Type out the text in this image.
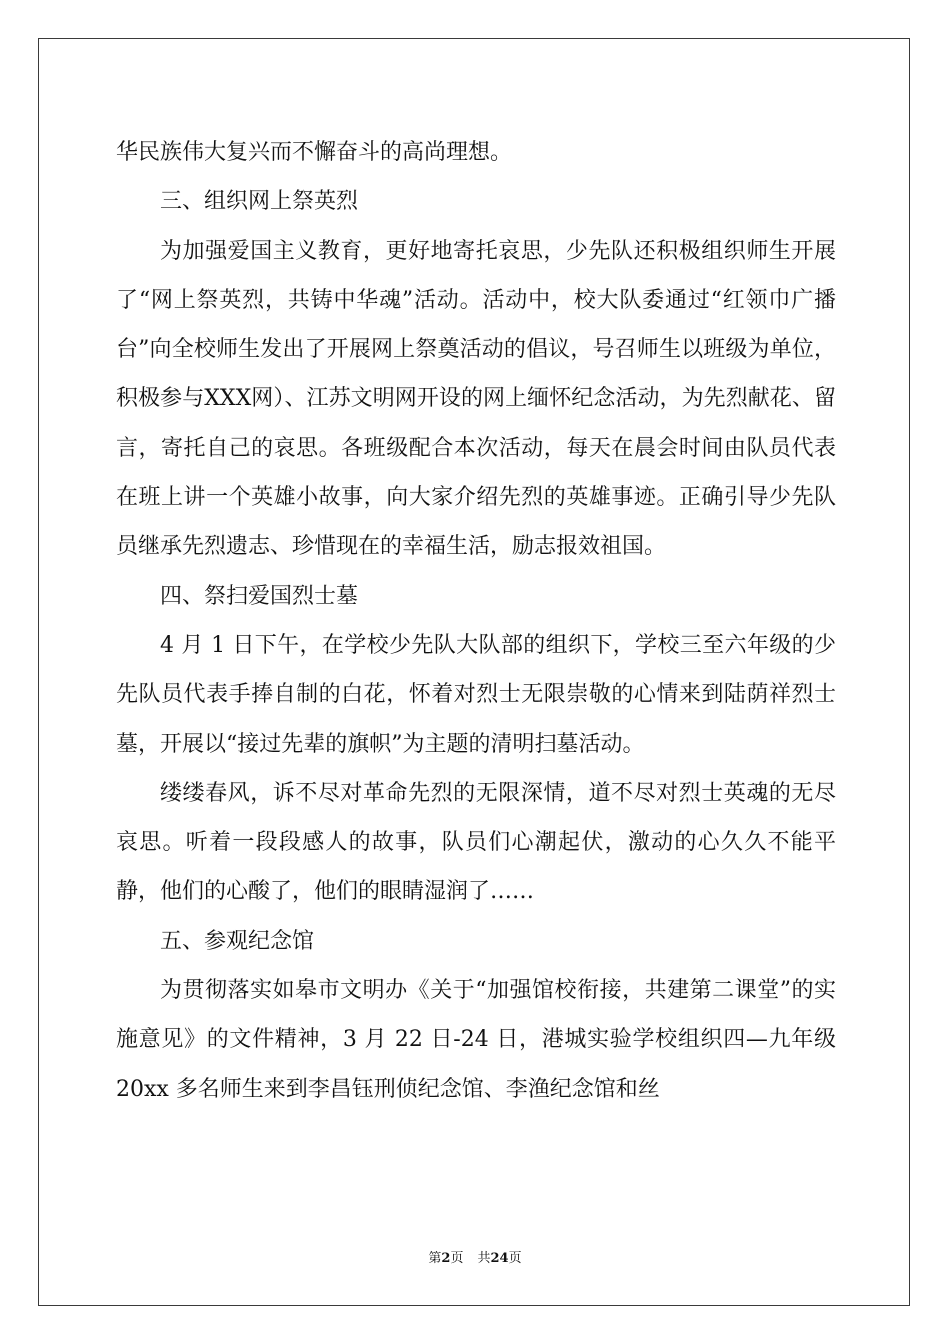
华民族伟大复兴而不懈奋斗的高尚理想。

三、组织网上祭英烈

为加强爱国主义教育，更好地寄托哀思，少先队还积极组织师生开展了“网上祭英烈，共铸中华魂”活动。活动中，校大队委通过“红领巾广播台”向全校师生发出了开展网上祭奠活动的倡议，号召师生以班级为单位，积极参与XXX网）、江苏文明网开设的网上缅怀纪念活动，为先烈献花、留言，寄托自己的哀思。各班级配合本次活动，每天在晨会时间由队员代表在班上讲一个英雄小故事，向大家介绍先烈的英雄事迹。正确引导少先队员继承先烈遗志、珍惜现在的幸福生活，励志报效祖国。

四、祭扫爱国烈士墓

4 月 1 日下午，在学校少先队大队部的组织下，学校三至六年级的少先队员代表手捧自制的白花，怀着对烈士无限崇敬的心情来到陆荫祥烈士墓，开展以“接过先辈的旗帜”为主题的清明扫墓活动。

缕缕春风，诉不尽对革命先烈的无限深情，道不尽对烈士英魂的无尽哀思。听着一段段感人的故事，队员们心潮起伏，激动的心久久不能平静，他们的心酸了，他们的眼睛湿润了……

五、参观纪念馆

为贯彻落实如皋市文明办《关于“加强馆校衔接，共建第二课堂”的实施意见》的文件精神，3 月 22 日-24 日，港城实验学校组织四—九年级 20xx 多名师生来到李昌钰刑侦纪念馆、李渔纪念馆和丝

第2页 共24页
